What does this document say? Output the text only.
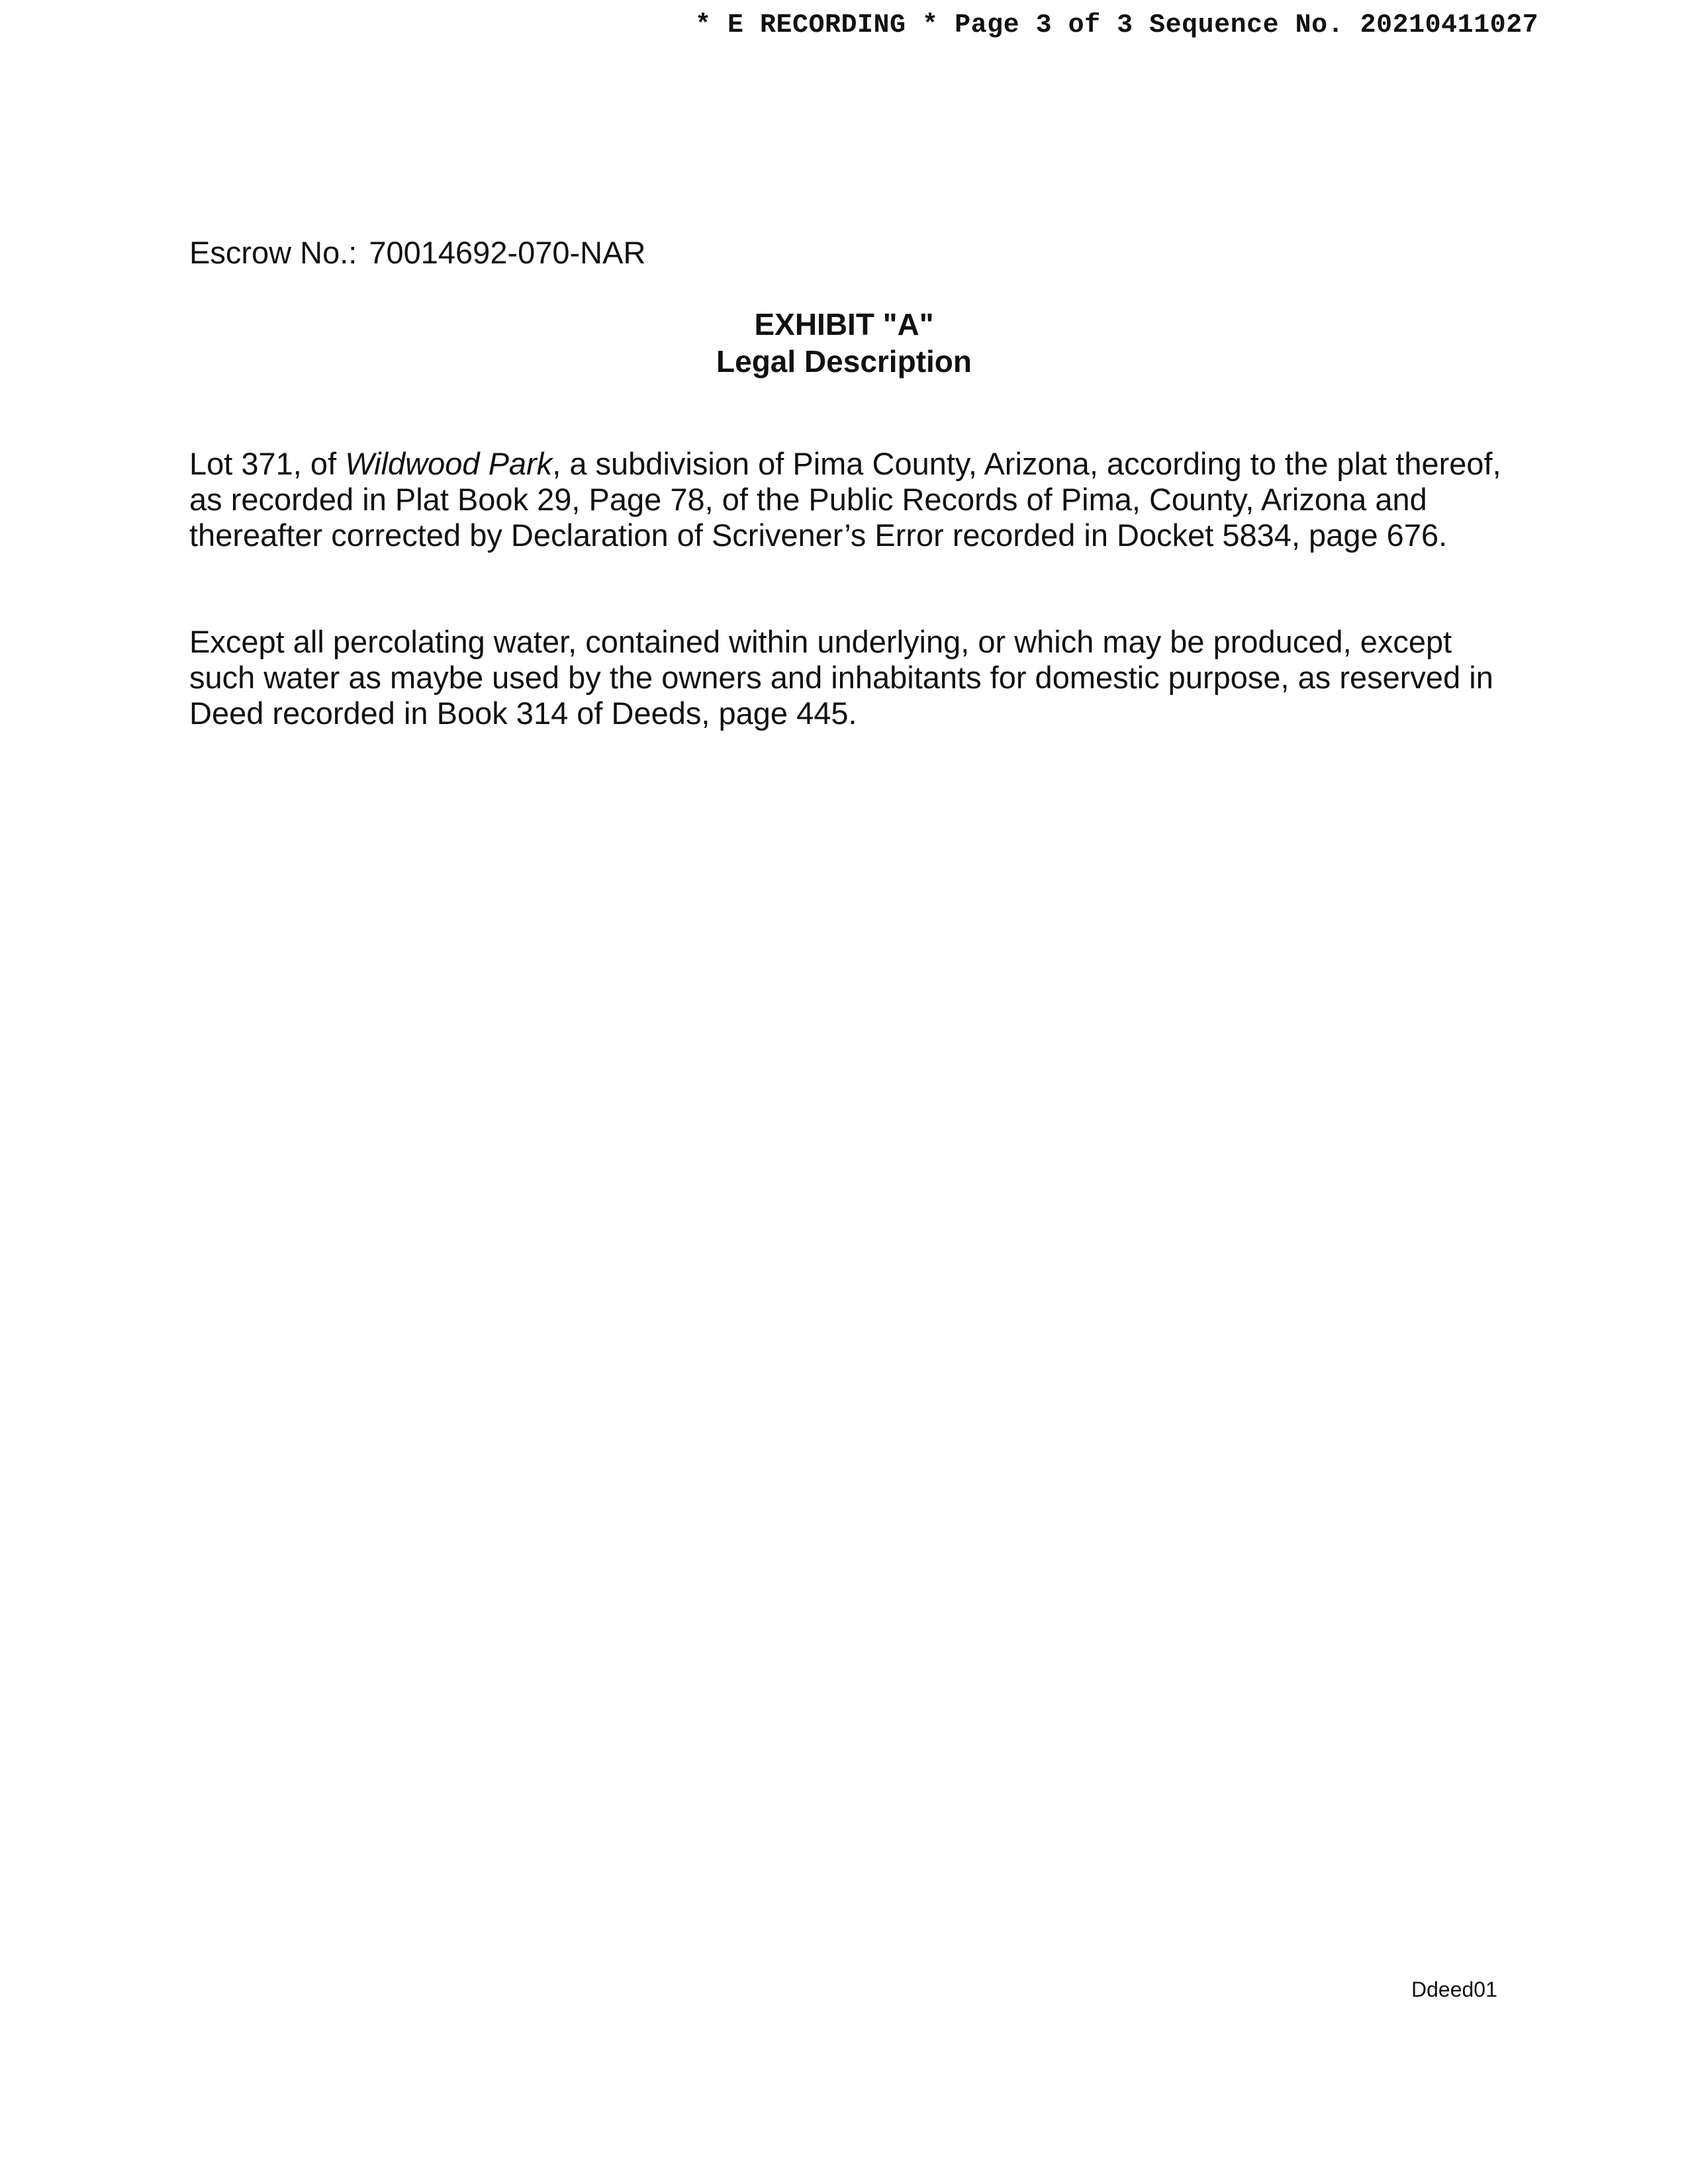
* E RECORDING * Page 3 of 3 Sequence No. 20210411027
Escrow No.: 70014692-070-NAR
EXHIBIT "A"
Legal Description
Lot 371, of Wildwood Park, a subdivision of Pima County, Arizona, according to the plat thereof, as recorded in Plat Book 29, Page 78, of the Public Records of Pima, County, Arizona and thereafter corrected by Declaration of Scrivener’s Error recorded in Docket 5834, page 676.
Except all percolating water, contained within underlying, or which may be produced, except such water as maybe used by the owners and inhabitants for domestic purpose, as reserved in Deed recorded in Book 314 of Deeds, page 445.
Ddeed01
